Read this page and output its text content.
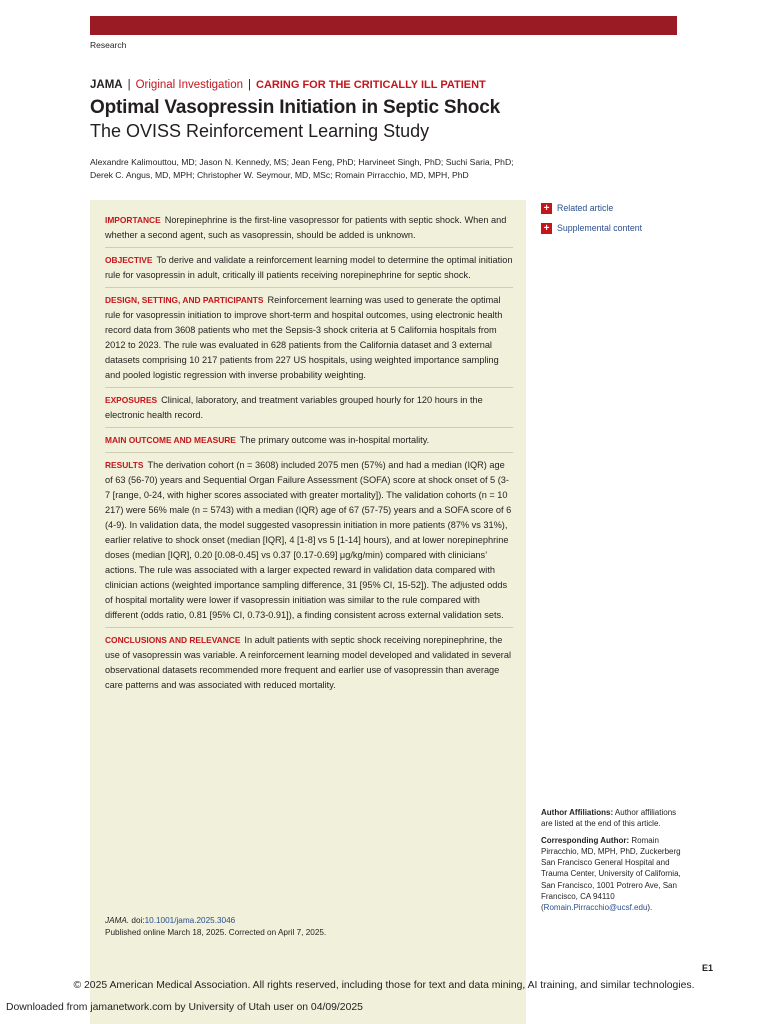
Research
JAMA | Original Investigation | CARING FOR THE CRITICALLY ILL PATIENT
Optimal Vasopressin Initiation in Septic Shock
The OVISS Reinforcement Learning Study
Alexandre Kalimouttou, MD; Jason N. Kennedy, MS; Jean Feng, PhD; Harvineet Singh, PhD; Suchi Saria, PhD;
Derek C. Angus, MD, MPH; Christopher W. Seymour, MD, MSc; Romain Pirracchio, MD, MPH, PhD
IMPORTANCE Norepinephrine is the first-line vasopressor for patients with septic shock. When and whether a second agent, such as vasopressin, should be added is unknown.
OBJECTIVE To derive and validate a reinforcement learning model to determine the optimal initiation rule for vasopressin in adult, critically ill patients receiving norepinephrine for septic shock.
DESIGN, SETTING, AND PARTICIPANTS Reinforcement learning was used to generate the optimal rule for vasopressin initiation to improve short-term and hospital outcomes, using electronic health record data from 3608 patients who met the Sepsis-3 shock criteria at 5 California hospitals from 2012 to 2023. The rule was evaluated in 628 patients from the California dataset and 3 external datasets comprising 10 217 patients from 227 US hospitals, using weighted importance sampling and pooled logistic regression with inverse probability weighting.
EXPOSURES Clinical, laboratory, and treatment variables grouped hourly for 120 hours in the electronic health record.
MAIN OUTCOME AND MEASURE The primary outcome was in-hospital mortality.
RESULTS The derivation cohort (n = 3608) included 2075 men (57%) and had a median (IQR) age of 63 (56-70) years and Sequential Organ Failure Assessment (SOFA) score at shock onset of 5 (3-7 [range, 0-24, with higher scores associated with greater mortality]). The validation cohorts (n = 10 217) were 56% male (n = 5743) with a median (IQR) age of 67 (57-75) years and a SOFA score of 6 (4-9). In validation data, the model suggested vasopressin initiation in more patients (87% vs 31%), earlier relative to shock onset (median [IQR], 4 [1-8] vs 5 [1-14] hours), and at lower norepinephrine doses (median [IQR], 0.20 [0.08-0.45] vs 0.37 [0.17-0.69] μg/kg/min) compared with clinicians’ actions. The rule was associated with a larger expected reward in validation data compared with clinician actions (weighted importance sampling difference, 31 [95% CI, 15-52]). The adjusted odds of hospital mortality were lower if vasopressin initiation was similar to the rule compared with different (odds ratio, 0.81 [95% CI, 0.73-0.91]), a finding consistent across external validation sets.
CONCLUSIONS AND RELEVANCE In adult patients with septic shock receiving norepinephrine, the use of vasopressin was variable. A reinforcement learning model developed and validated in several observational datasets recommended more frequent and earlier use of vasopressin than average care patterns and was associated with reduced mortality.
+ Related article
+ Supplemental content

Author Affiliations: Author affiliations are listed at the end of this article.

Corresponding Author: Romain Pirracchio, MD, MPH, PhD, Zuckerberg San Francisco General Hospital and Trauma Center, University of California, San Francisco, 1001 Potrero Ave, San Francisco, CA 94110
(Romain.Pirracchio@ucsf.edu).

JAMA. doi:10.1001/jama.2025.3046
Published online March 18, 2025. Corrected on April 7, 2025.
E1
© 2025 American Medical Association. All rights reserved, including those for text and data mining, AI training, and similar technologies.
Downloaded from jamanetwork.com by University of Utah user on 04/09/2025
